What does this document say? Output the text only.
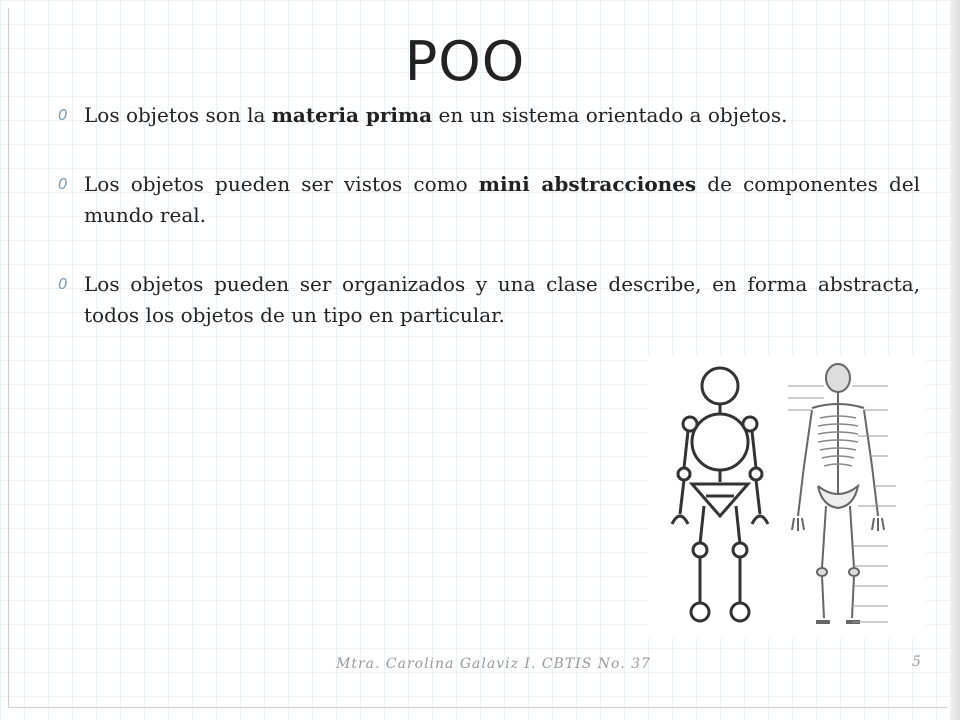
POO
0 Los objetos son la materia prima en un sistema orientado a objetos.
0 Los objetos pueden ser vistos como mini abstracciones de componentes del mundo real.
0 Los objetos pueden ser organizados y una clase describe, en forma abstracta, todos los objetos de un tipo en particular.
Mtra. Carolina Galaviz I. CBTIS No. 37	5
